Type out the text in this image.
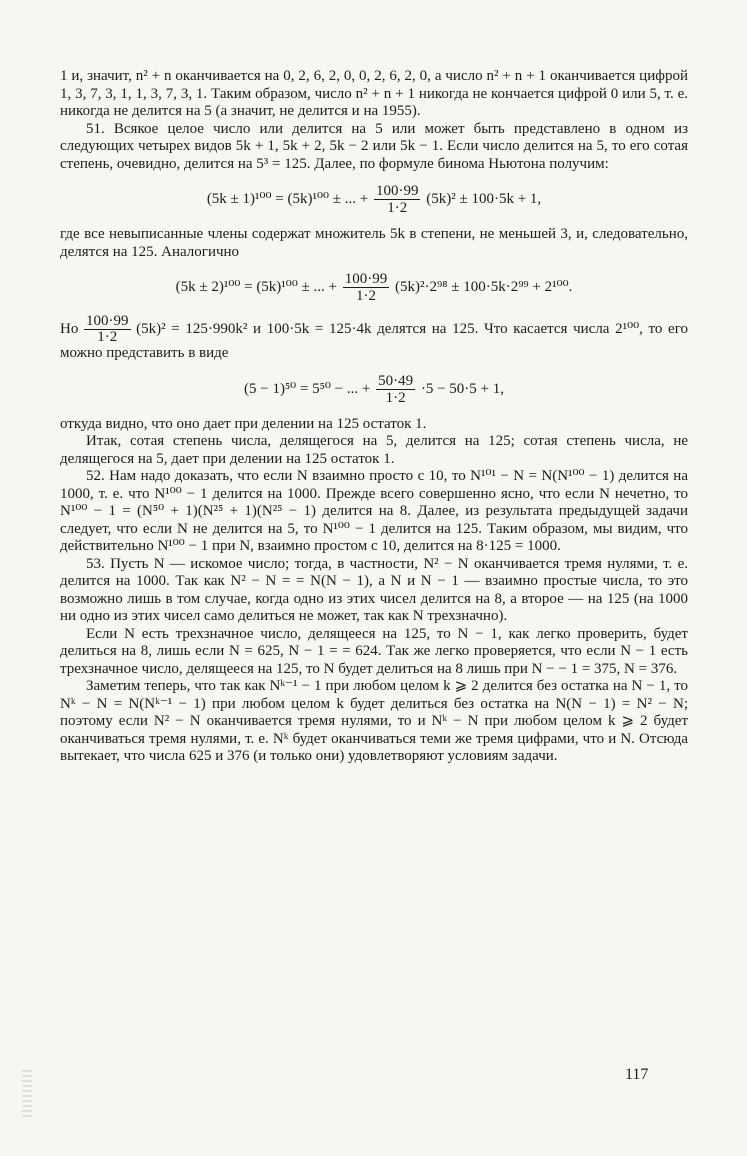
1 и, значит, n² + n оканчивается на 0, 2, 6, 2, 0, 0, 2, 6, 2, 0, а число n² + n + 1 оканчивается цифрой 1, 3, 7, 3, 1, 1, 3, 7, 3, 1. Таким образом, число n² + n + 1 никогда не кончается цифрой 0 или 5, т. е. никогда не делится на 5 (а значит, не делится и на 1955).

51. Всякое целое число или делится на 5 или может быть представлено в одном из следующих четырех видов 5k + 1, 5k + 2, 5k − 2 или 5k − 1. Если число делится на 5, то его сотая степень, очевидно, делится на 5³ = 125. Далее, по формуле бинома Ньютона получим:

(5k ± 1)¹⁰⁰ = (5k)¹⁰⁰ ± ... + $\frac{100\cdot 99}{1\cdot 2} (5k)^2 \pm 100\cdot 5k + 1$,

где все невыписанные члены содержат множитель 5k в степени, не меньшей 3, и, следовательно, делятся на 125. Аналогично

(5k ± 2)¹⁰⁰ = (5k)¹⁰⁰ ± ... + $\frac{100\cdot 99}{1\cdot 2} (5k)^2\cdot 2^{98} \pm 100\cdot 5k\cdot 2^{99} + 2^{100}$.

Но $\frac{100\cdot 99}{1\cdot 2} (5k)^2 = 125\cdot 990k^2$ и 100·5k = 125·4k делятся на 125. Что касается числа 2¹⁰⁰, то его можно представить в виде

(5 − 1)⁵⁰ = 5⁵⁰ − ... + $\frac{50\cdot 49}{1\cdot 2} \cdot 5 - 50\cdot 5 + 1$,

откуда видно, что оно дает при делении на 125 остаток 1.

Итак, сотая степень числа, делящегося на 5, делится на 125; сотая степень числа, не делящегося на 5, дает при делении на 125 остаток 1.

52. Нам надо доказать, что если N взаимно просто с 10, то N¹⁰¹ − N = N(N¹⁰⁰ − 1) делится на 1000, т. е. что N¹⁰⁰ − 1 делится на 1000. Прежде всего совершенно ясно, что если N нечетно, то N¹⁰⁰ − 1 = (N⁵⁰ + 1)(N²⁵ + 1)(N²⁵ − 1) делится на 8. Далее, из результата предыдущей задачи следует, что если N не делится на 5, то N¹⁰⁰ − 1 делится на 125. Таким образом, мы видим, что действительно N¹⁰⁰ − 1 при N, взаимно простом с 10, делится на 8·125 = 1000.

53. Пусть N — искомое число; тогда, в частности, N² − N оканчивается тремя нулями, т. е. делится на 1000. Так как N² − N = = N(N − 1), а N и N − 1 — взаимно простые числа, то это возможно лишь в том случае, когда одно из этих чисел делится на 8, а второе — на 125 (на 1000 ни одно из этих чисел само делиться не может, так как N трехзначно).

Если N есть трехзначное число, делящееся на 125, то N − 1, как легко проверить, будет делиться на 8, лишь если N = 625, N − 1 = = 624. Так же легко проверяется, что если N − 1 есть трехзначное число, делящееся на 125, то N будет делиться на 8 лишь при N − − 1 = 375, N = 376.

Заметим теперь, что так как Nᵏ⁻¹ − 1 при любом целом k ⩾ 2 делится без остатка на N − 1, то Nᵏ − N = N(Nᵏ⁻¹ − 1) при любом целом k будет делиться без остатка на N(N − 1) = N² − N; поэтому если N² − N оканчивается тремя нулями, то и Nᵏ − N при любом целом k ⩾ 2 будет оканчиваться тремя нулями, т. е. Nᵏ будет оканчиваться теми же тремя цифрами, что и N. Отсюда вытекает, что числа 625 и 376 (и только они) удовлетворяют условиям задачи.

117
